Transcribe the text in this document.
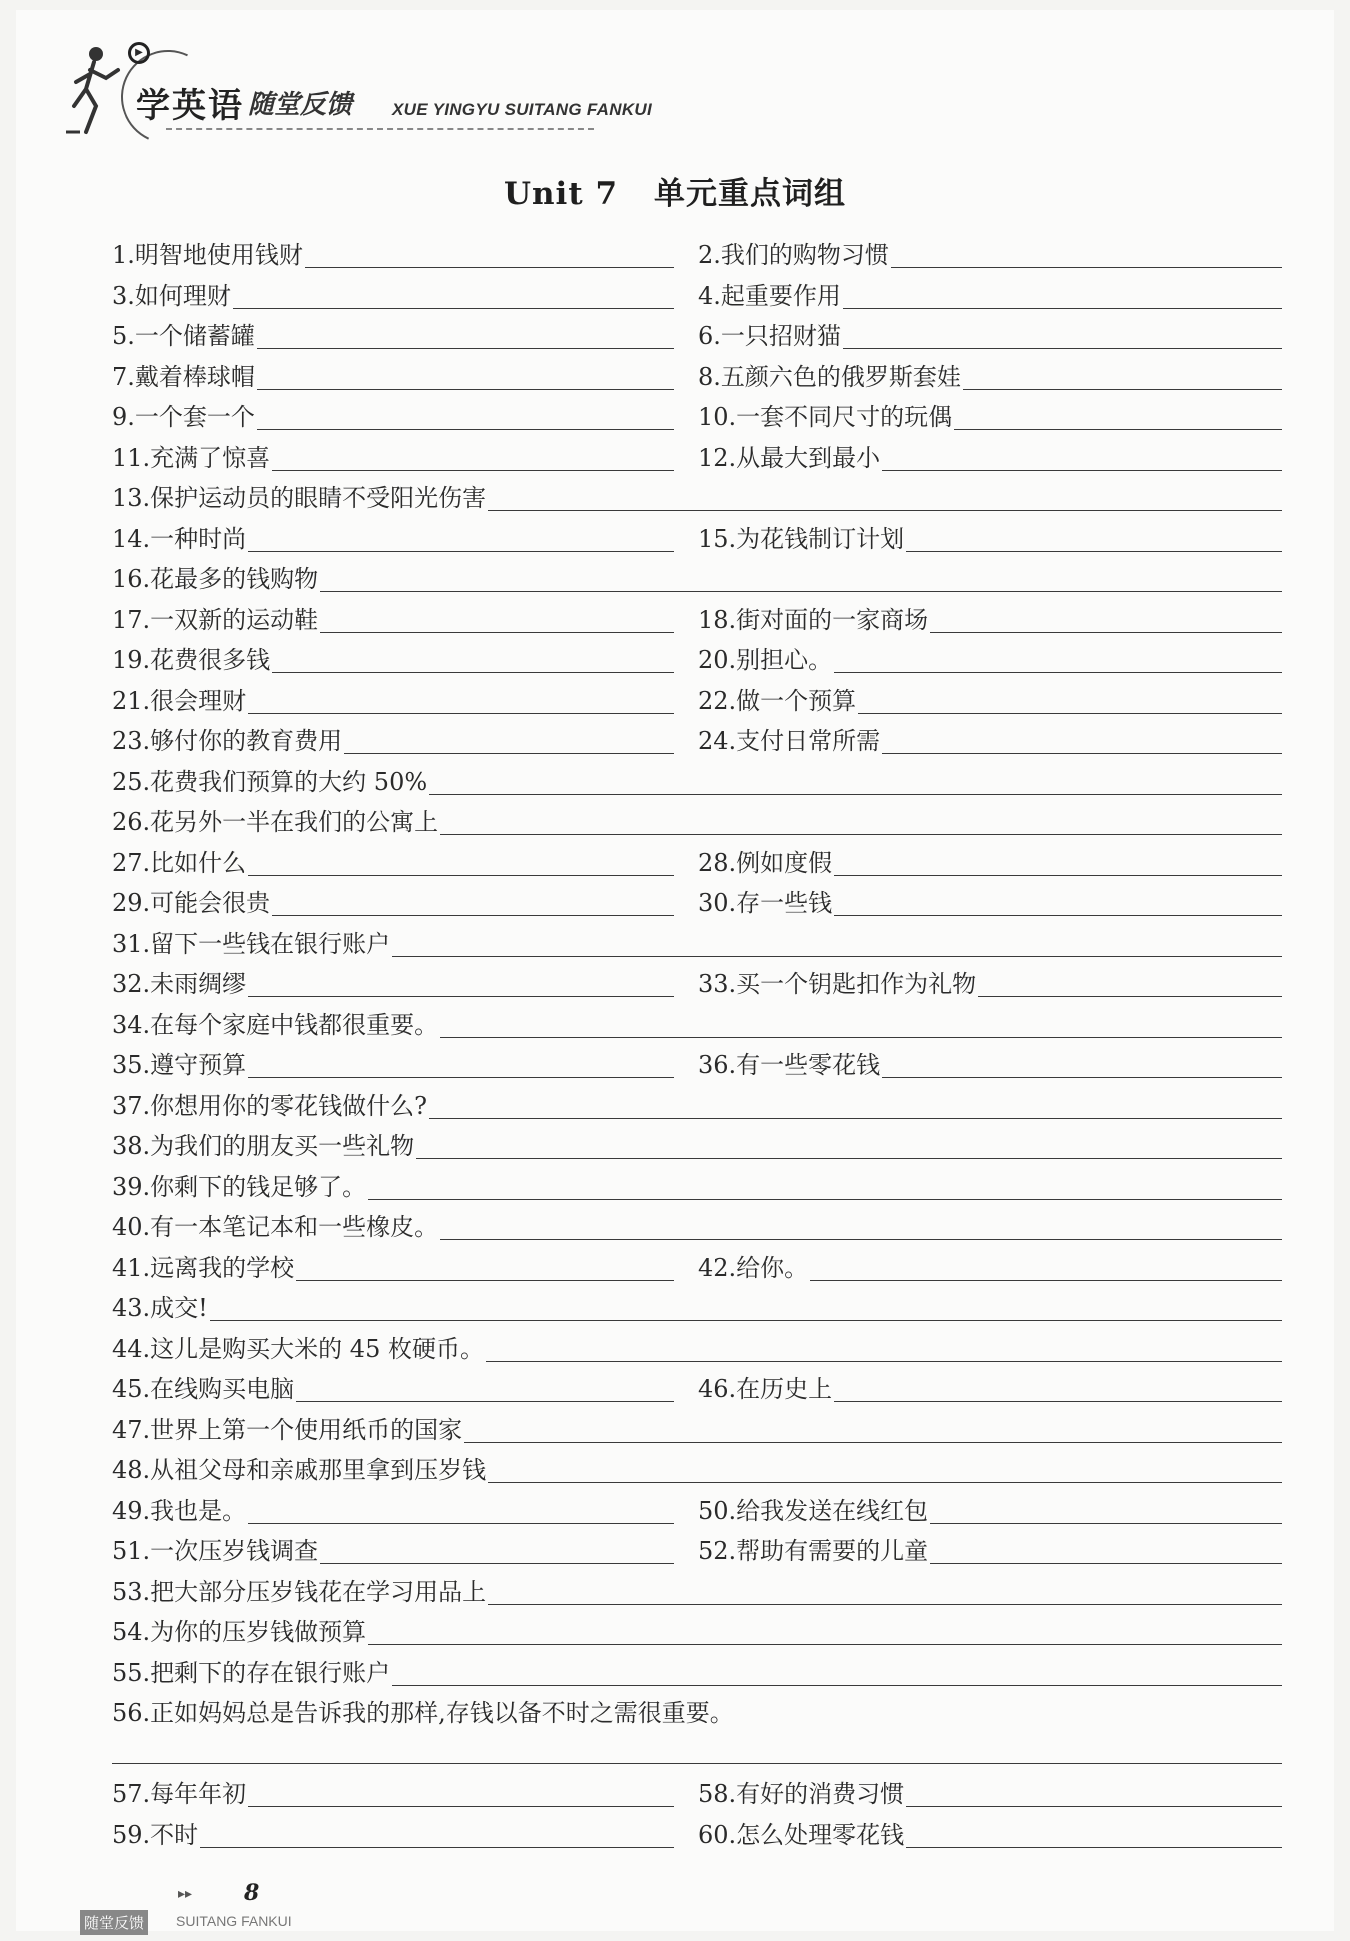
▶
学英语 随堂反馈 XUE YINGYU SUITANG FANKUI
Unit 7 单元重点词组
1. 明智地使用钱财	2. 我们的购物习惯
3. 如何理财	4. 起重要作用
5. 一个储蓄罐	6. 一只招财猫
7. 戴着棒球帽	8. 五颜六色的俄罗斯套娃
9. 一个套一个	10. 一套不同尺寸的玩偶
11. 充满了惊喜	12. 从最大到最小
13. 保护运动员的眼睛不受阳光伤害
14. 一种时尚	15. 为花钱制订计划
16. 花最多的钱购物
17. 一双新的运动鞋	18. 街对面的一家商场
19. 花费很多钱	20. 别担心。
21. 很会理财	22. 做一个预算
23. 够付你的教育费用	24. 支付日常所需
25. 花费我们预算的大约 50%
26. 花另外一半在我们的公寓上
27. 比如什么	28. 例如度假
29. 可能会很贵	30. 存一些钱
31. 留下一些钱在银行账户
32. 未雨绸缪	33. 买一个钥匙扣作为礼物
34. 在每个家庭中钱都很重要。
35. 遵守预算	36. 有一些零花钱
37. 你想用你的零花钱做什么?
38. 为我们的朋友买一些礼物
39. 你剩下的钱足够了。
40. 有一本笔记本和一些橡皮。
41. 远离我的学校	42. 给你。
43. 成交!
44. 这儿是购买大米的 45 枚硬币。
45. 在线购买电脑	46. 在历史上
47. 世界上第一个使用纸币的国家
48. 从祖父母和亲戚那里拿到压岁钱
49. 我也是。	50. 给我发送在线红包
51. 一次压岁钱调查	52. 帮助有需要的儿童
53. 把大部分压岁钱花在学习用品上
54. 为你的压岁钱做预算
55. 把剩下的存在银行账户
56. 正如妈妈总是告诉我的那样,存钱以备不时之需很重要。
57. 每年年初	58. 有好的消费习惯
59. 不时	60. 怎么处理零花钱
▸▸ 8
随堂反馈 SUITANG FANKUI
